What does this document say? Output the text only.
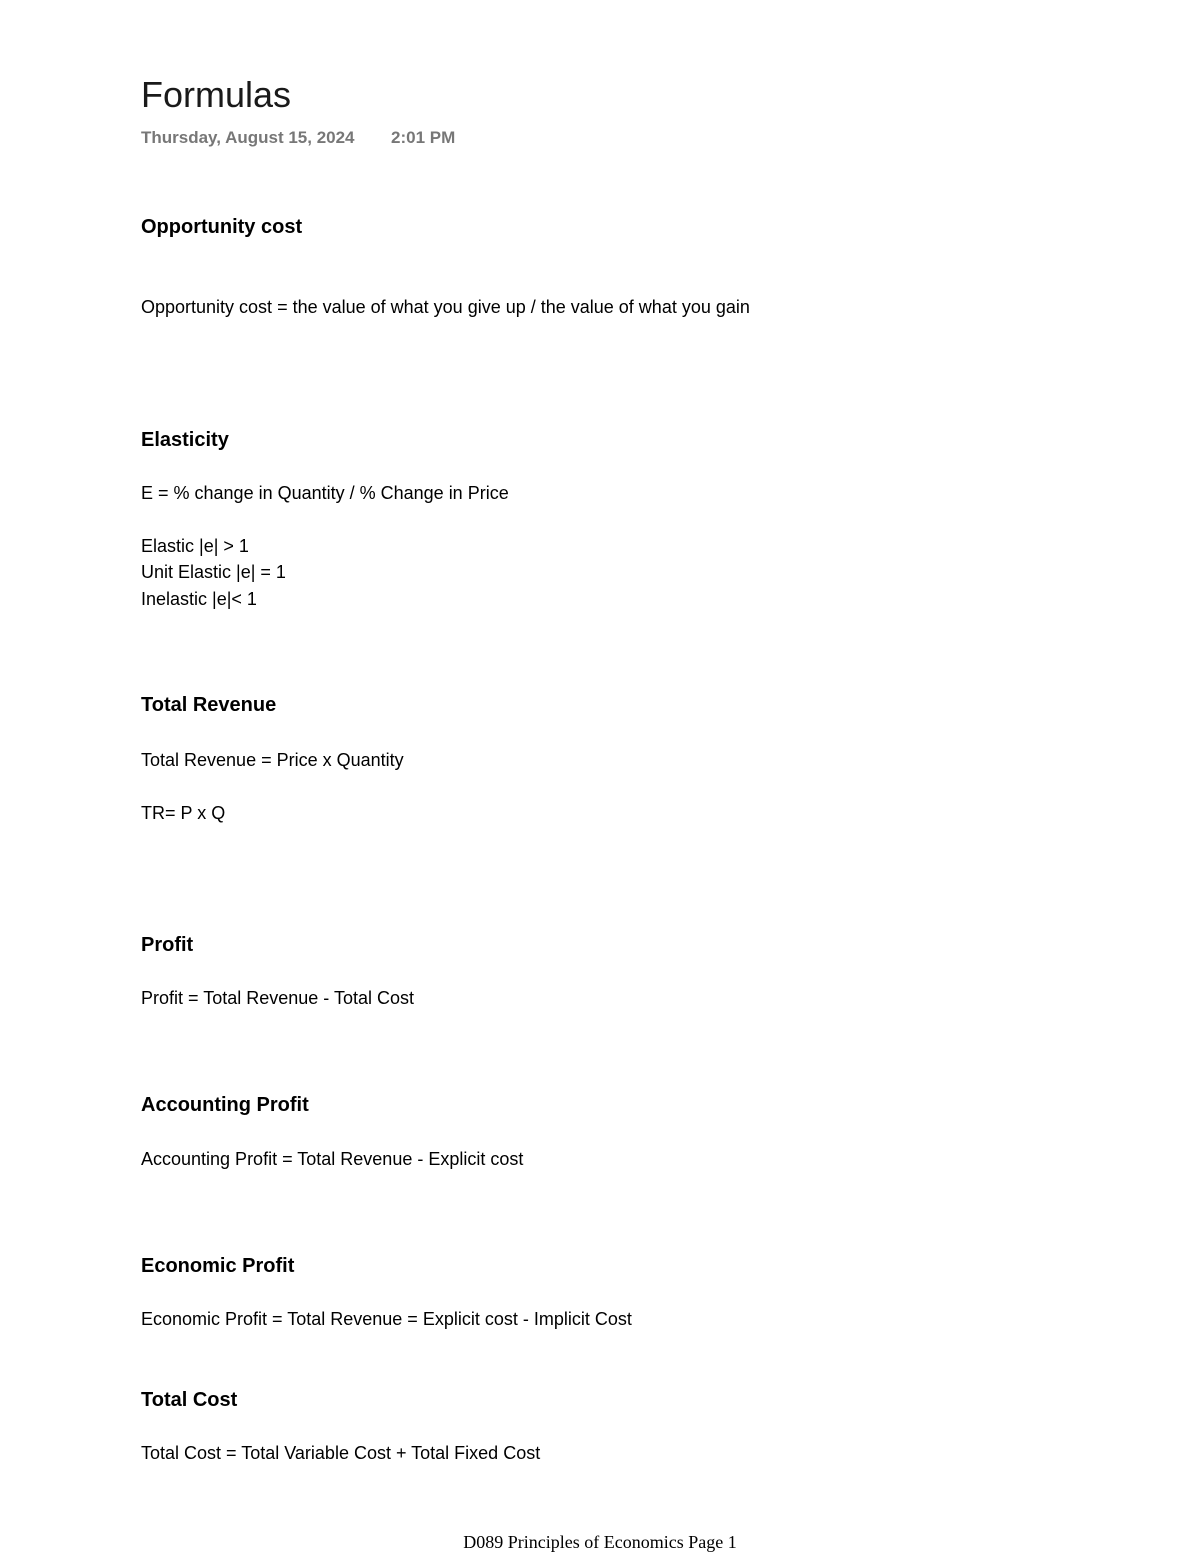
Formulas
Thursday, August 15, 2024 2:01 PM
Opportunity cost
Opportunity cost = the value of what you give up / the value of what you gain
Elasticity
E = % change in Quantity / % Change in Price
Elastic |e| > 1
Unit Elastic |e| = 1
Inelastic |e|< 1
Total Revenue
Total Revenue = Price x Quantity
TR= P x Q
Profit
Profit = Total Revenue - Total Cost
Accounting Profit
Accounting Profit = Total Revenue - Explicit cost
Economic Profit
Economic Profit = Total Revenue = Explicit cost - Implicit Cost
Total Cost
Total Cost = Total Variable Cost + Total Fixed Cost
D089 Principles of Economics Page 1
